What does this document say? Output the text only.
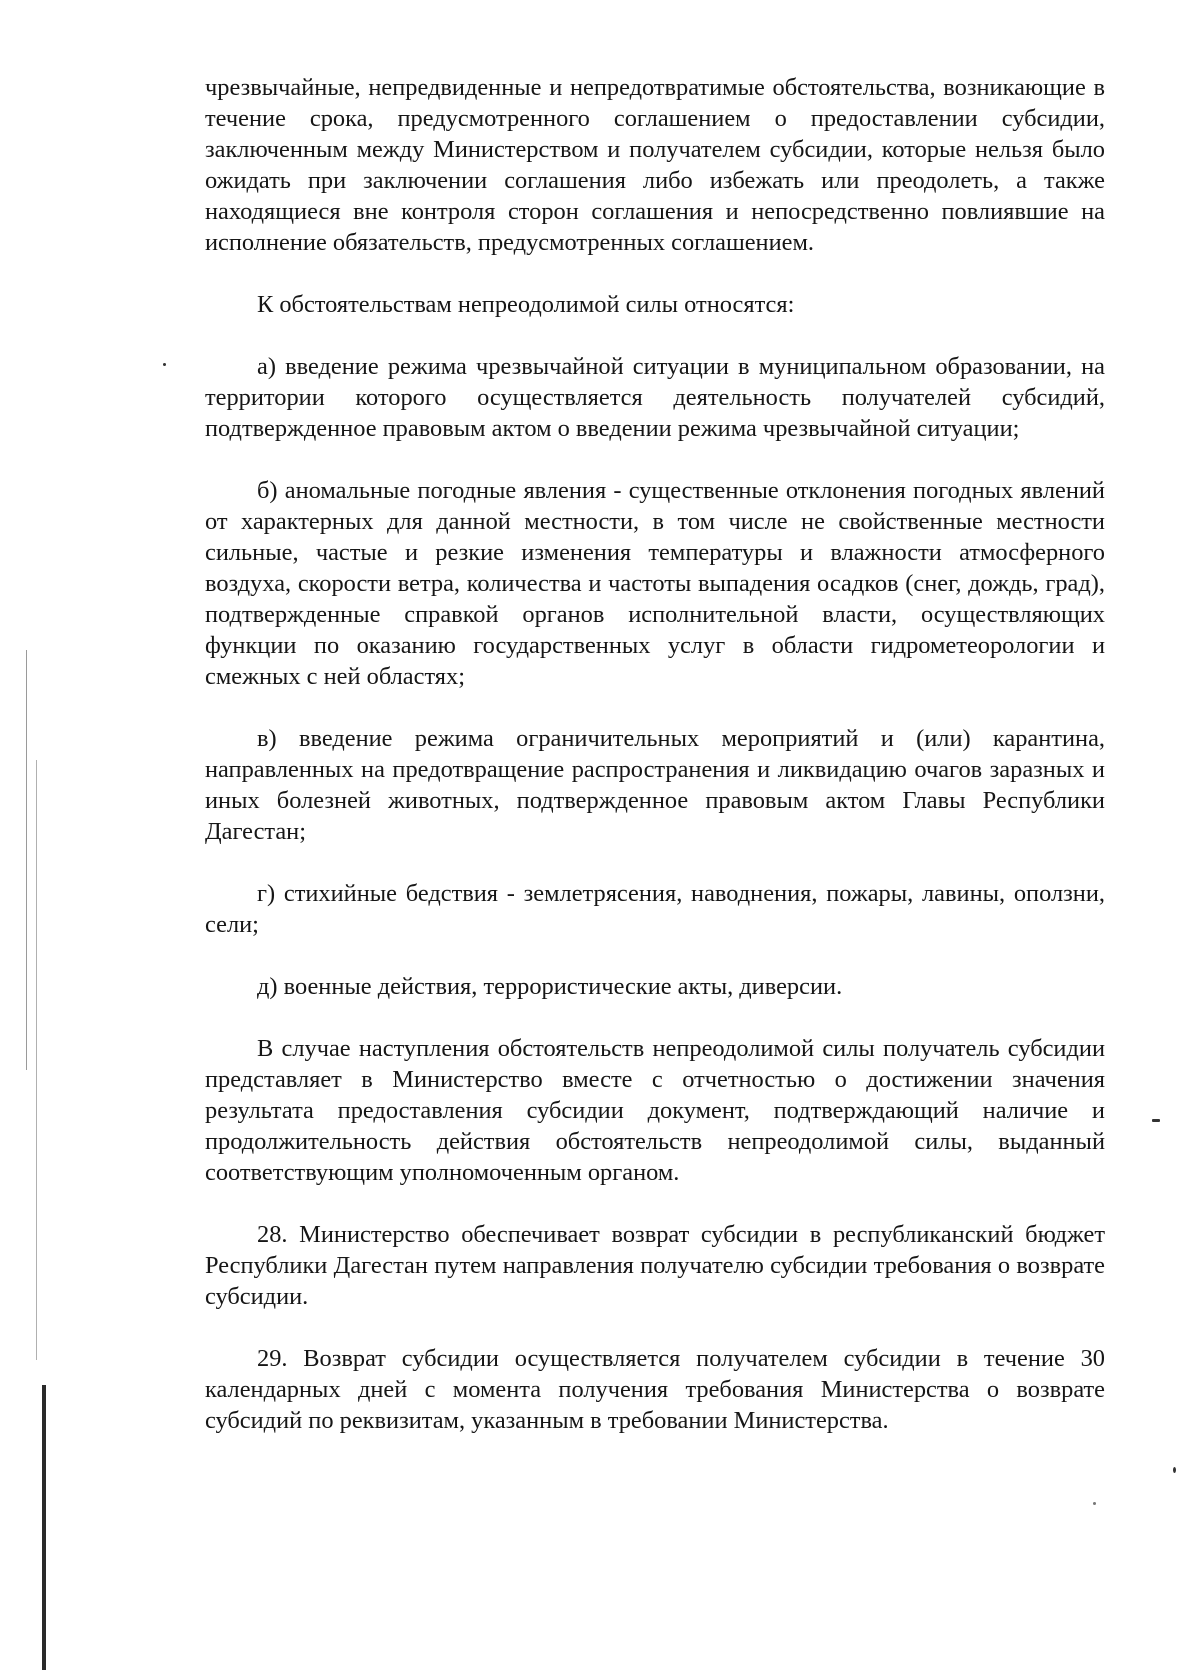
чрезвычайные, непредвиденные и непредотвратимые обстоятельства, возникающие в течение срока, предусмотренного соглашением о предоставлении субсидии, заключенным между Министерством и получателем субсидии, которые нельзя было ожидать при заключении соглашения либо избежать или преодолеть, а также находящиеся вне контроля сторон соглашения и непосредственно повлиявшие на исполнение обязательств, предусмотренных соглашением.

К обстоятельствам непреодолимой силы относятся:

а) введение режима чрезвычайной ситуации в муниципальном образовании, на территории которого осуществляется деятельность получателей субсидий, подтвержденное правовым актом о введении режима чрезвычайной ситуации;

б) аномальные погодные явления - существенные отклонения погодных явлений от характерных для данной местности, в том числе не свойственные местности сильные, частые и резкие изменения температуры и влажности атмосферного воздуха, скорости ветра, количества и частоты выпадения осадков (снег, дождь, град), подтвержденные справкой органов исполнительной власти, осуществляющих функции по оказанию государственных услуг в области гидрометеорологии и смежных с ней областях;

в) введение режима ограничительных мероприятий и (или) карантина, направленных на предотвращение распространения и ликвидацию очагов заразных и иных болезней животных, подтвержденное правовым актом Главы Республики Дагестан;

г) стихийные бедствия - землетрясения, наводнения, пожары, лавины, оползни, сели;

д) военные действия, террористические акты, диверсии.

В случае наступления обстоятельств непреодолимой силы получатель субсидии представляет в Министерство вместе с отчетностью о достижении значения результата предоставления субсидии документ, подтверждающий наличие и продолжительность действия обстоятельств непреодолимой силы, выданный соответствующим уполномоченным органом.

28. Министерство обеспечивает возврат субсидии в республиканский бюджет Республики Дагестан путем направления получателю субсидии требования о возврате субсидии.

29. Возврат субсидии осуществляется получателем субсидии в течение 30 календарных дней с момента получения требования Министерства о возврате субсидий по реквизитам, указанным в требовании Министерства.
